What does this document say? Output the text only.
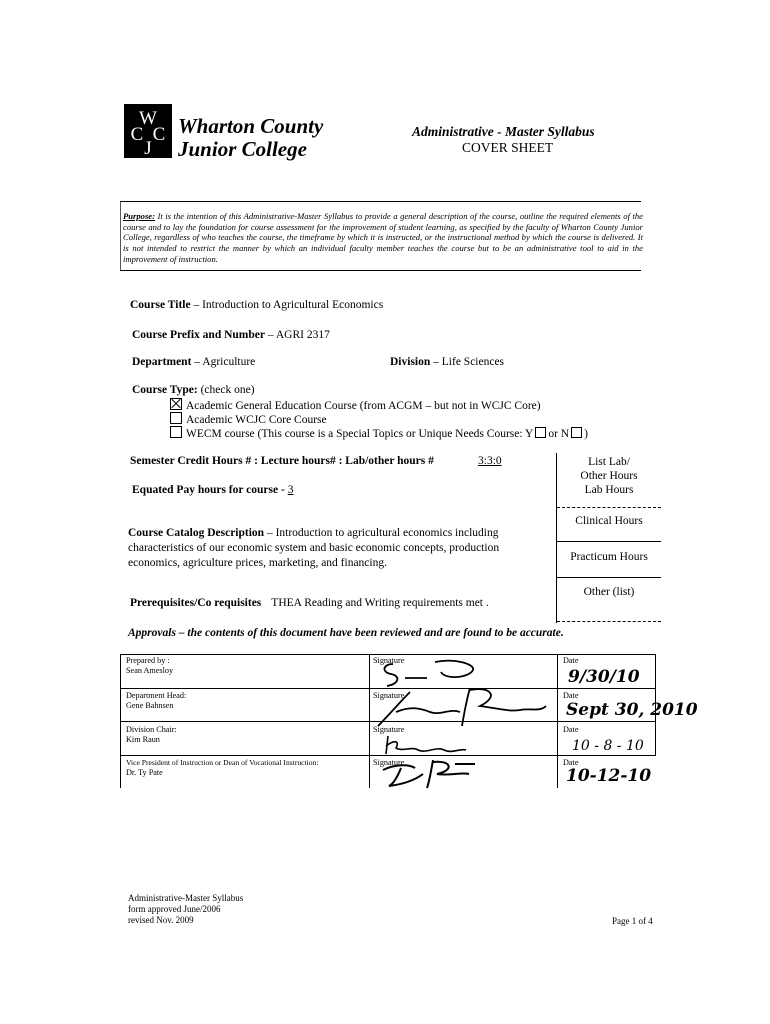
W
C C
J
Wharton County
Junior College
Administrative - Master Syllabus
COVER SHEET
Purpose: It is the intention of this Administrative-Master Syllabus to provide a general description of the course, outline the required elements of the course and to lay the foundation for course assessment for the improvement of student learning, as specified by the faculty of Wharton County Junior College, regardless of who teaches the course, the timeframe by which it is instructed, or the instructional method by which the course is delivered. It is not intended to restrict the manner by which an individual faculty member teaches the course but to be an administrative tool to aid in the improvement of instruction.
Course Title – Introduction to Agricultural Economics
Course Prefix and Number – AGRI 2317
Department – Agriculture	Division – Life Sciences
Course Type: (check one)
Academic General Education Course (from ACGM – but not in WCJC Core)
Academic WCJC Core Course
WECM course (This course is a Special Topics or Unique Needs Course: Y or N )
Semester Credit Hours # : Lecture hours# : Lab/other hours #	3:3:0
Equated Pay hours for course - 3
Course Catalog Description – Introduction to agricultural economics including characteristics of our economic system and basic economic concepts, production economics, agriculture prices, marketing, and financing.
Prerequisites/Co requisites THEA Reading and Writing requirements met .
List Lab/
Other Hours
Lab Hours
Clinical Hours
Practicum Hours
Other (list)
Approvals – the contents of this document have been reviewed and are found to be accurate.
Prepared by :
Sean Amesloy
Signature	Date
9/30/10
Department Head:
Gene Bahnsen
Signature	Date
Sept 30, 2010
Division Chair:
Kim Raun
Signature	Date
10 - 8 - 10
Vice President of Instruction or Dean of Vocational Instruction:
Dr. Ty Pate
Signature	Date
10-12-10
Administrative-Master Syllabus
form approved June/2006
revised Nov. 2009	Page 1 of 4
